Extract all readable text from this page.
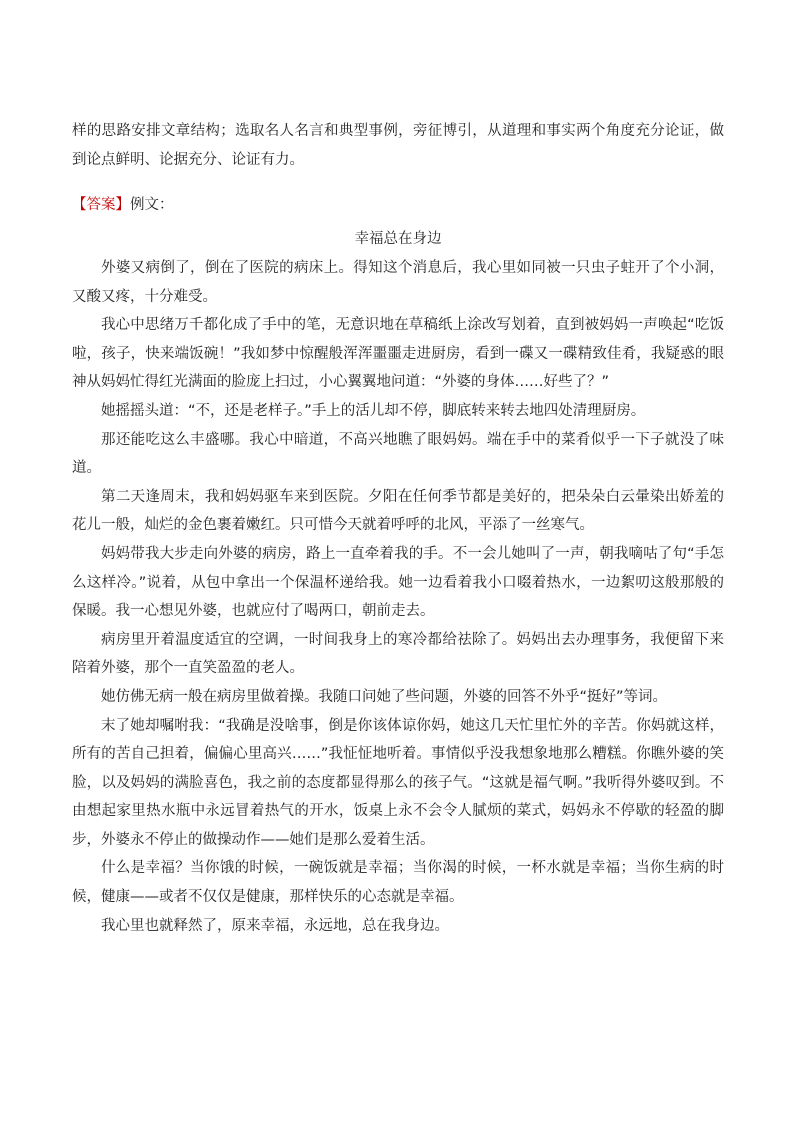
样的思路安排文章结构；选取名人名言和典型事例，旁征博引，从道理和事实两个角度充分论证，做到论点鲜明、论据充分、论证有力。

【答案】例文：

幸福总在身边

外婆又病倒了，倒在了医院的病床上。得知这个消息后，我心里如同被一只虫子蛀开了个小洞，又酸又疼，十分难受。

我心中思绪万千都化成了手中的笔，无意识地在草稿纸上涂改写划着，直到被妈妈一声唤起“吃饭啦，孩子，快来端饭碗！”我如梦中惊醒般浑浑噩噩走进厨房，看到一碟又一碟精致佳肴，我疑惑的眼神从妈妈忙得红光满面的脸庞上扫过，小心翼翼地问道：“外婆的身体……好些了？”

她摇摇头道：“不，还是老样子。”手上的活儿却不停，脚底转来转去地四处清理厨房。

那还能吃这么丰盛哪。我心中暗道，不高兴地瞧了眼妈妈。端在手中的菜肴似乎一下子就没了味道。

第二天逢周末，我和妈妈驱车来到医院。夕阳在任何季节都是美好的，把朵朵白云暈染出娇羞的花儿一般，灿烂的金色裹着嫩红。只可惜今天就着呼呼的北风，平添了一丝寒气。

妈妈带我大步走向外婆的病房，路上一直牵着我的手。不一会儿她叫了一声，朝我嘀咕了句“手怎么这样冷。”说着，从包中拿出一个保温杯递给我。她一边看着我小口啜着热水，一边絮叨这般那般的保暖。我一心想见外婆，也就应付了喝两口，朝前走去。

病房里开着温度适宜的空调，一时间我身上的寒冷都给祛除了。妈妈出去办理事务，我便留下来陪着外婆，那个一直笑盈盈的老人。

她仿佛无病一般在病房里做着操。我随口问她了些问题，外婆的回答不外乎“挺好”等词。

末了她却嘱咐我：“我确是没啥事，倒是你该体谅你妈，她这几天忙里忙外的辛苦。你妈就这样，所有的苦自己担着，偏偏心里高兴……”我怔怔地听着。事情似乎没我想象地那么糟糕。你瞧外婆的笑脸，以及妈妈的满脸喜色，我之前的态度都显得那么的孩子气。“这就是福气啊。”我听得外婆叹到。不由想起家里热水瓶中永远冒着热气的开水，饭桌上永不会令人腻烦的菜式，妈妈永不停歇的轻盈的脚步，外婆永不停止的做操动作——她们是那么爱着生活。

什么是幸福？当你饿的时候，一碗饭就是幸福；当你渴的时候，一杯水就是幸福；当你生病的时候，健康——或者不仅仅是健康，那样快乐的心态就是幸福。

我心里也就释然了，原来幸福，永远地，总在我身边。
